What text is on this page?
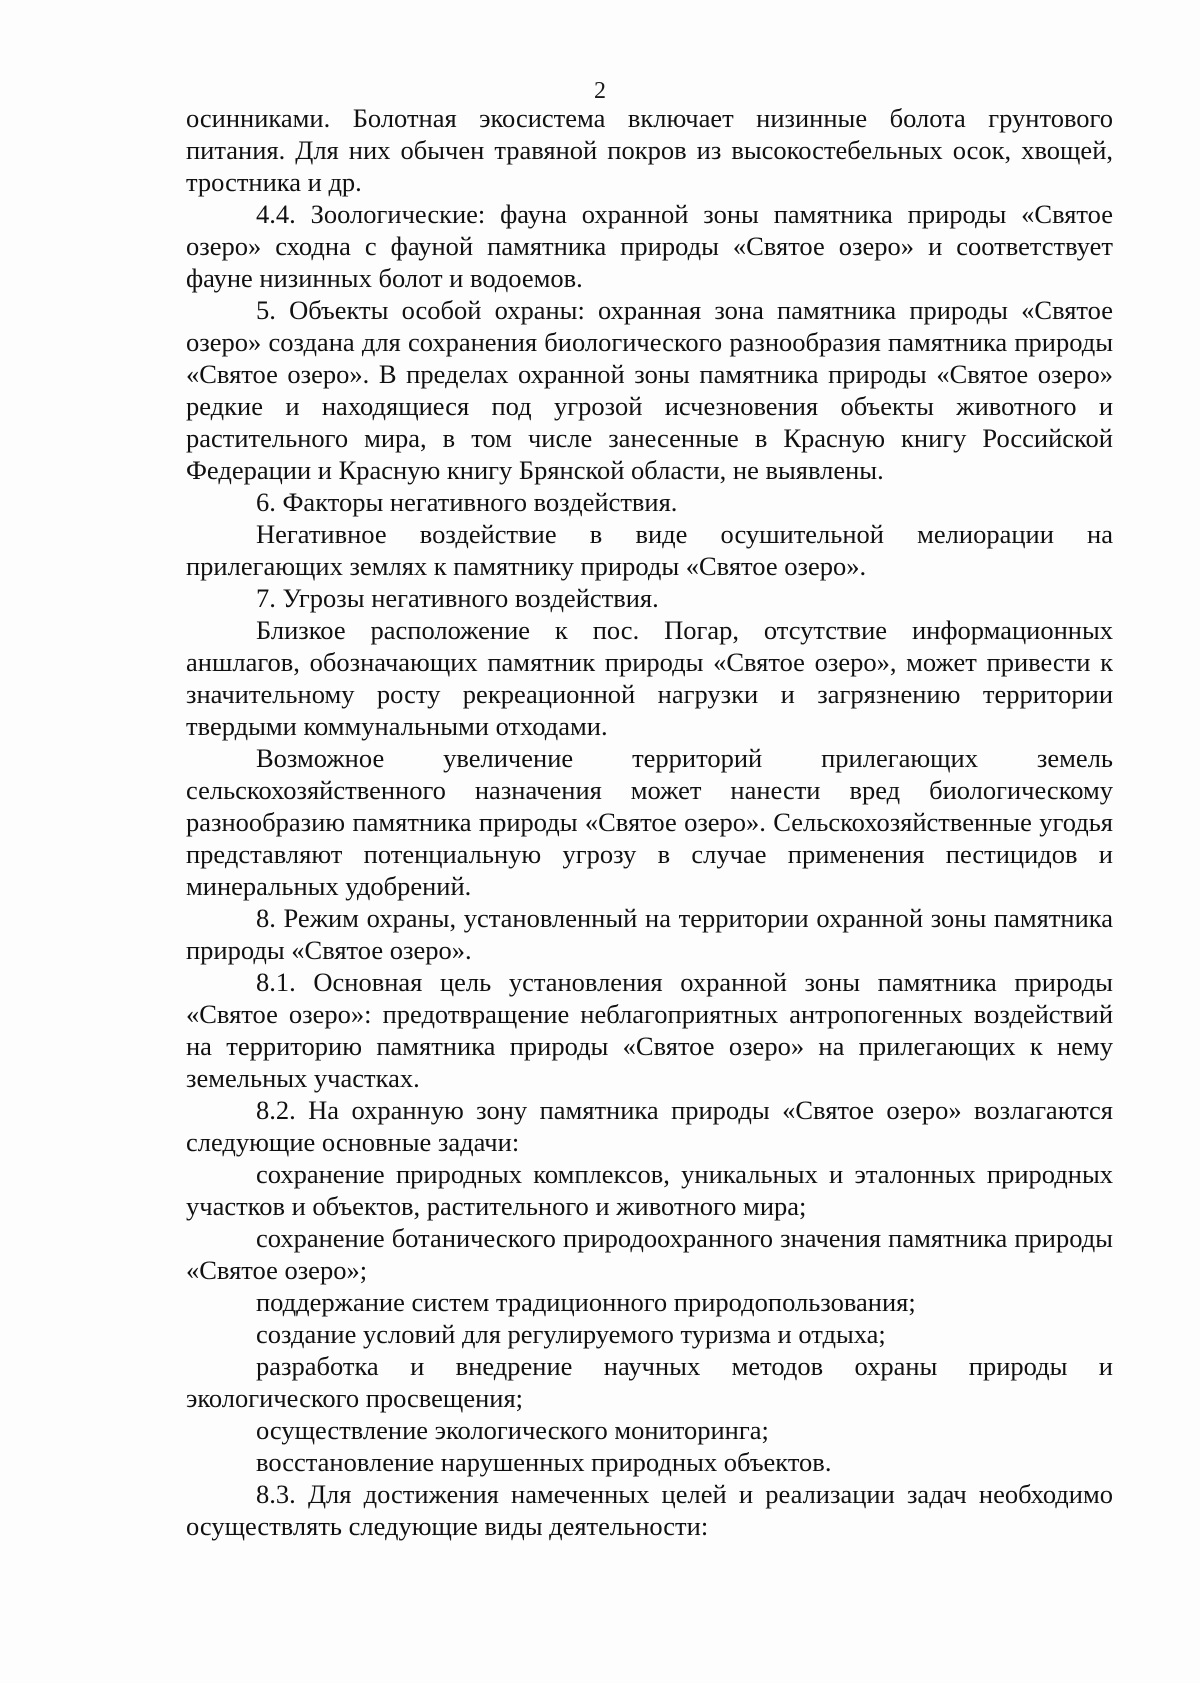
2

осинниками. Болотная экосистема включает низинные болота грунтового питания. Для них обычен травяной покров из высокостебельных осок, хвощей, тростника и др.

4.4. Зоологические: фауна охранной зоны памятника природы «Святое озеро» сходна с фауной памятника природы «Святое озеро» и соответствует фауне низинных болот и водоемов.

5. Объекты особой охраны: охранная зона памятника природы «Святое озеро» создана для сохранения биологического разнообразия памятника природы «Святое озеро». В пределах охранной зоны памятника природы «Святое озеро» редкие и находящиеся под угрозой исчезновения объекты животного и растительного мира, в том числе занесенные в Красную книгу Российской Федерации и Красную книгу Брянской области, не выявлены.

6. Факторы негативного воздействия.

Негативное воздействие в виде осушительной мелиорации на прилегающих землях к памятнику природы «Святое озеро».

7. Угрозы негативного воздействия.

Близкое расположение к пос. Погар, отсутствие информационных аншлагов, обозначающих памятник природы «Святое озеро», может привести к значительному росту рекреационной нагрузки и загрязнению территории твердыми коммунальными отходами.

Возможное увеличение территорий прилегающих земель сельскохозяйственного назначения может нанести вред биологическому разнообразию памятника природы «Святое озеро». Сельскохозяйственные угодья представляют потенциальную угрозу в случае применения пестицидов и минеральных удобрений.

8. Режим охраны, установленный на территории охранной зоны памятника природы «Святое озеро».

8.1. Основная цель установления охранной зоны памятника природы «Святое озеро»: предотвращение неблагоприятных антропогенных воздействий на территорию памятника природы «Святое озеро» на прилегающих к нему земельных участках.

8.2. На охранную зону памятника природы «Святое озеро» возлагаются следующие основные задачи:

сохранение природных комплексов, уникальных и эталонных природных участков и объектов, растительного и животного мира;

сохранение ботанического природоохранного значения памятника природы «Святое озеро»;

поддержание систем традиционного природопользования;

создание условий для регулируемого туризма и отдыха;

разработка и внедрение научных методов охраны природы и экологического просвещения;

осуществление экологического мониторинга;

восстановление нарушенных природных объектов.

8.3. Для достижения намеченных целей и реализации задач необходимо осуществлять следующие виды деятельности:
